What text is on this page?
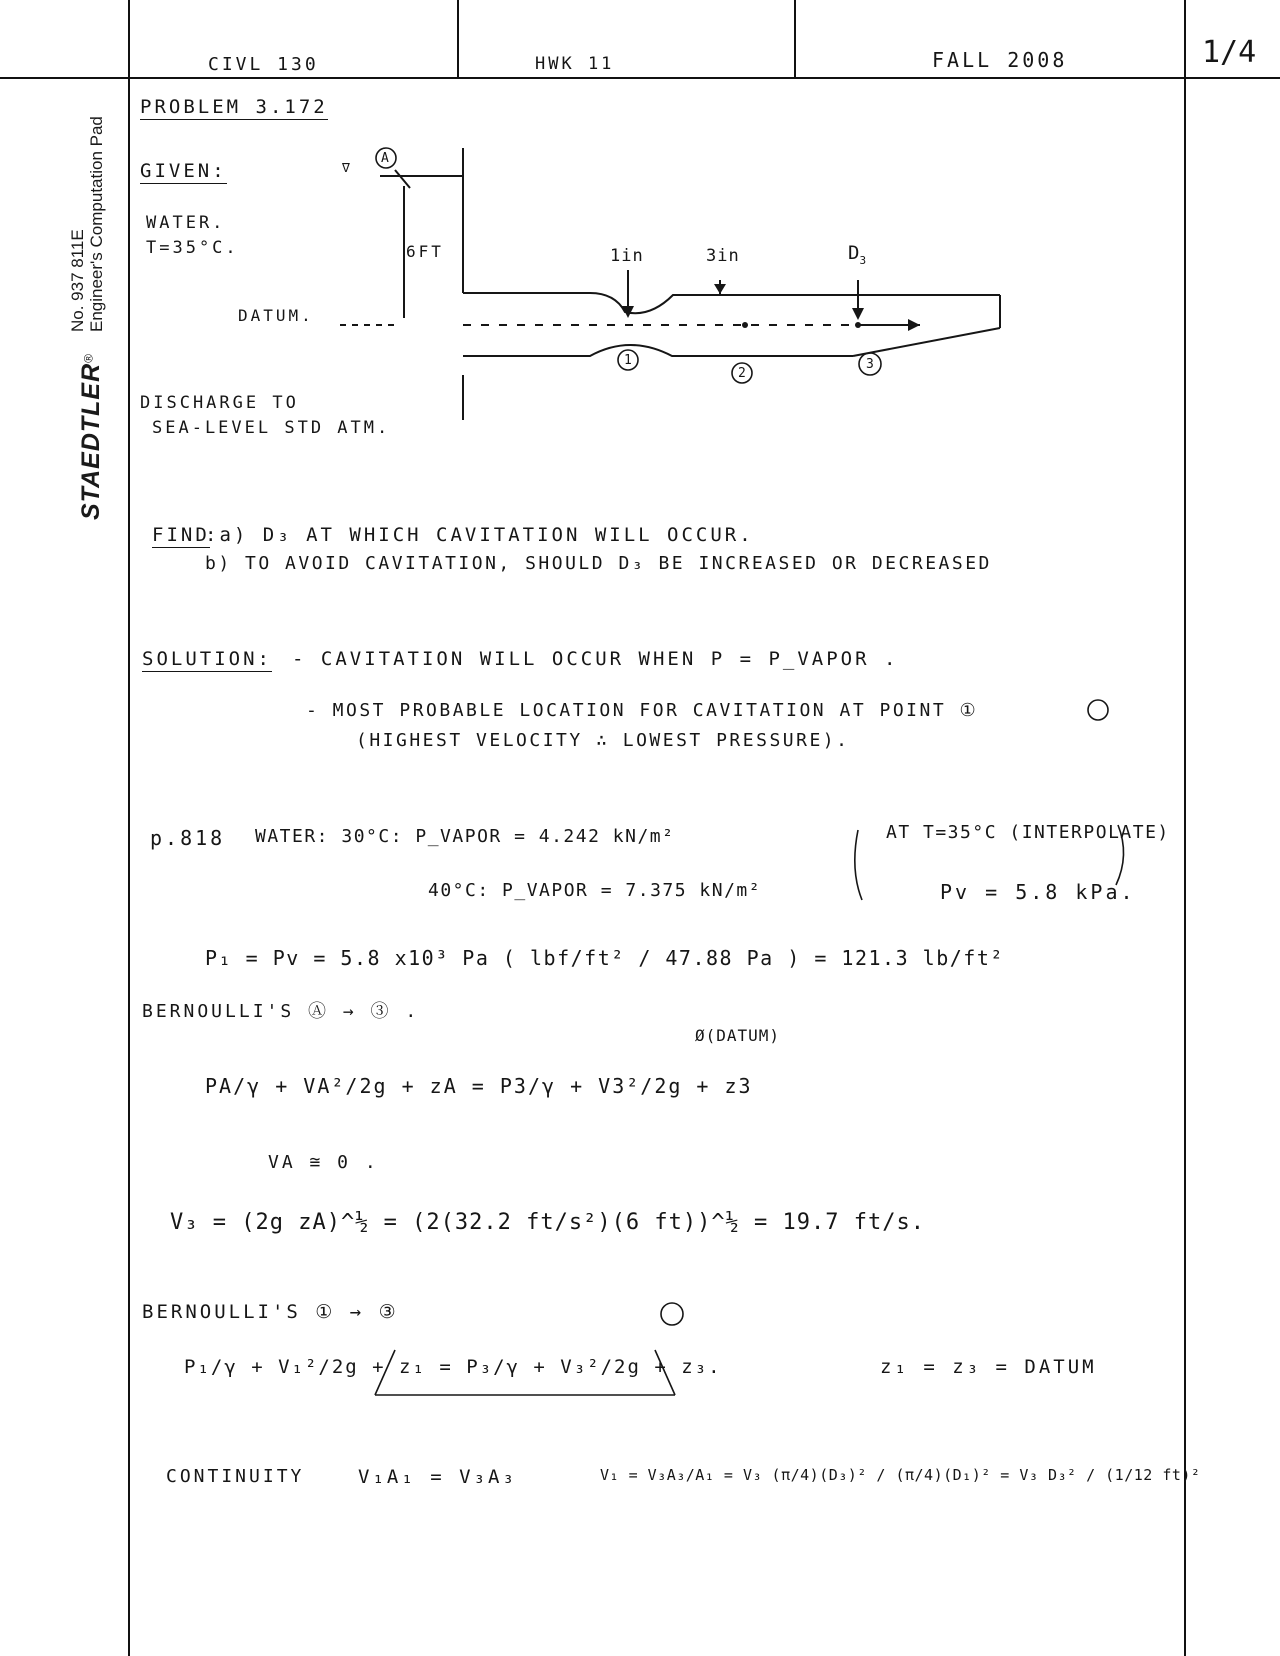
STAEDTLER®	
No. 937 811E Engineer's Computation Pad
CIVL 130	HWK 11	FALL 2008	1/4
PROBLEM 3.172
GIVEN:
WATER.
T=35°C.
DISCHARGE TO
SEA-LEVEL STD ATM.
A
∇
6FT
DATUM.
1in	3in	$D_3$
1
2
3
FIND
:a) D₃ AT WHICH CAVITATION WILL OCCUR.
b) TO AVOID CAVITATION, SHOULD D₃ BE INCREASED OR DECREASED
SOLUTION: - CAVITATION WILL OCCUR WHEN P = P_VAPOR .
- MOST PROBABLE LOCATION FOR CAVITATION AT POINT ①
(HIGHEST VELOCITY ∴ LOWEST PRESSURE).
p.818 WATER: 30°C: P_VAPOR = 4.242 kN/m²
40°C: P_VAPOR = 7.375 kN/m²
AT T=35°C (INTERPOLATE)
Pv = 5.8 kPa.
P₁ = Pv = 5.8 x10³ Pa ( lbf/ft² / 47.88 Pa ) = 121.3 lb/ft²
BERNOULLI'S Ⓐ → ③ .
Ø(DATUM)
PA/γ + VA²/2g + zA = P3/γ + V3²/2g + z3
VA ≅ 0 .
V₃ = (2g zA)^½ = (2(32.2 ft/s²)(6 ft))^½ = 19.7 ft/s.
BERNOULLI'S ① → ③
P₁/γ + V₁²/2g + z₁ = P₃/γ + V₃²/2g + z₃.	z₁ = z₃ = DATUM
CONTINUITY	V₁A₁ = V₃A₃	V₁ = V₃A₃/A₁ = V₃ (π/4)(D₃)² / (π/4)(D₁)² = V₃ D₃² / (1/12 ft)²
